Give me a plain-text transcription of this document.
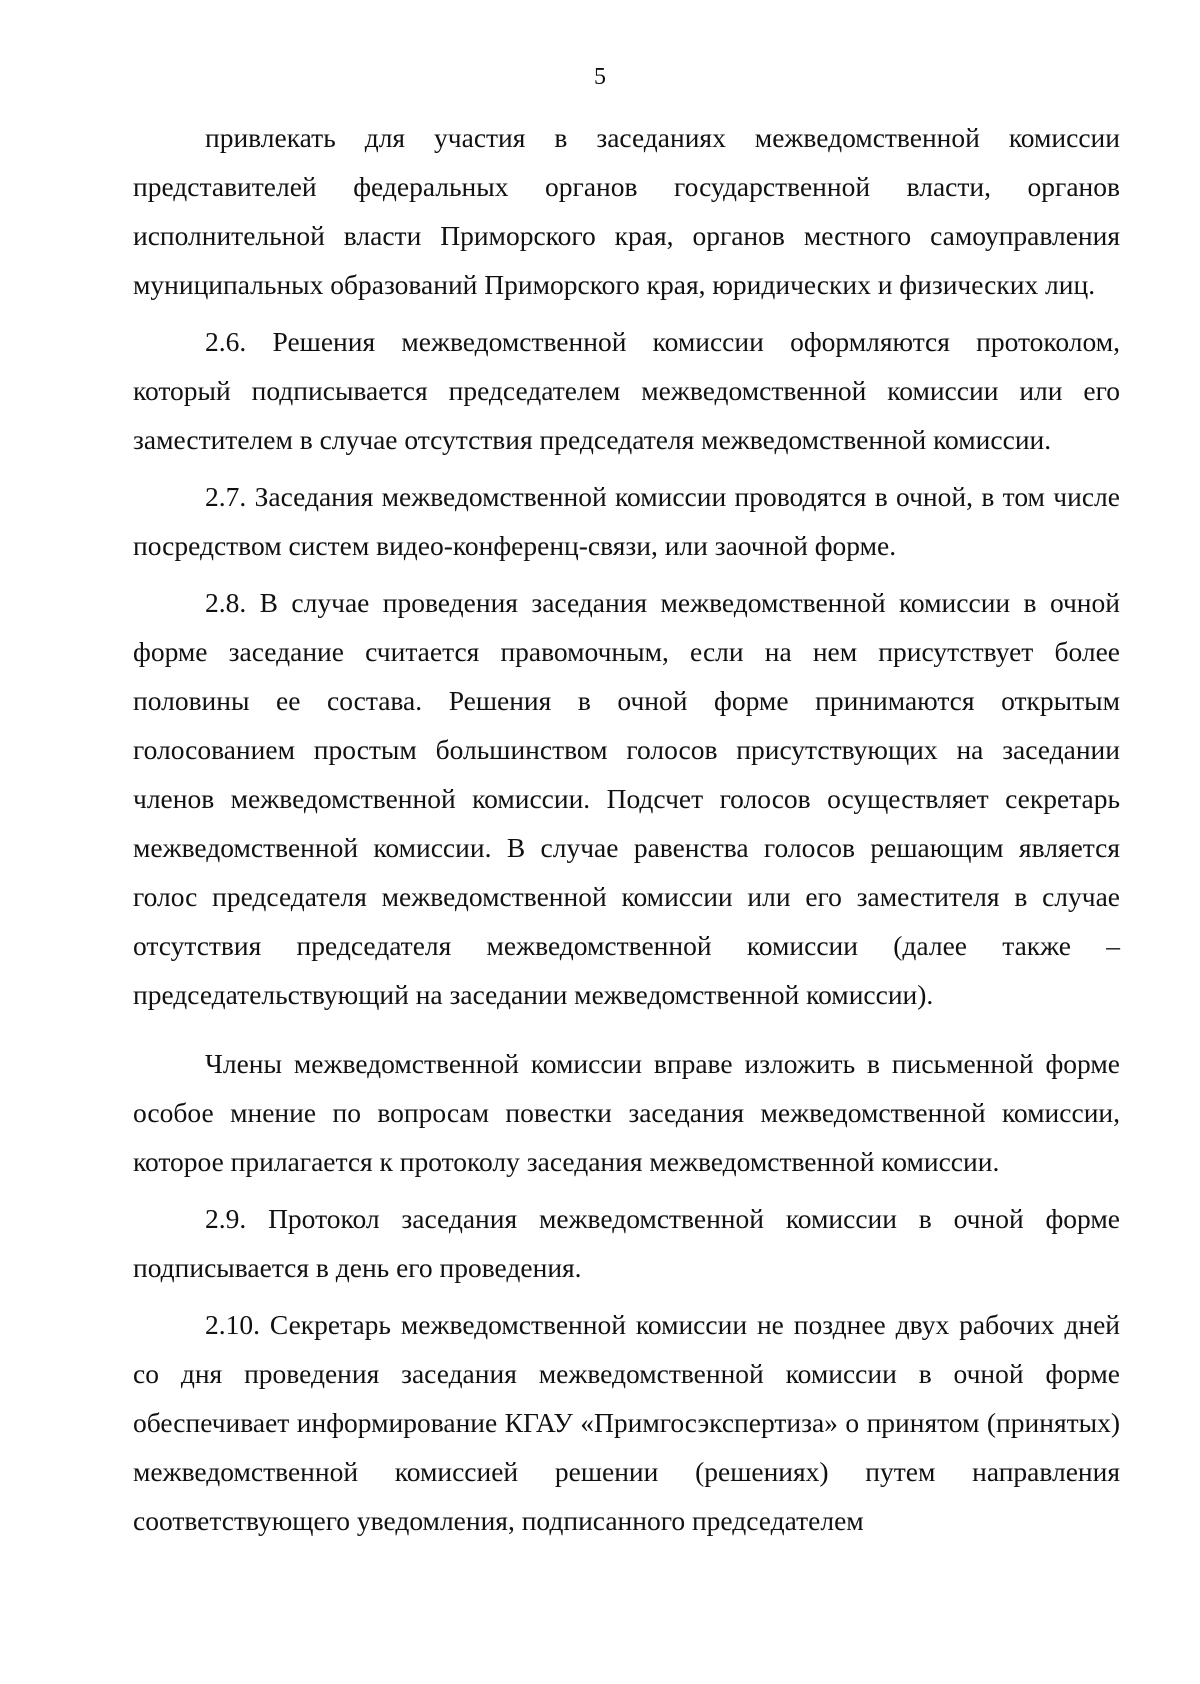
5

привлекать для участия в заседаниях межведомственной комиссии представителей федеральных органов государственной власти, органов исполнительной власти Приморского края, органов местного самоуправления муниципальных образований Приморского края, юридических и физических лиц.

2.6. Решения межведомственной комиссии оформляются протоколом, который подписывается председателем межведомственной комиссии или его заместителем в случае отсутствия председателя межведомственной комиссии.

2.7. Заседания межведомственной комиссии проводятся в очной, в том числе посредством систем видео-конференц-связи, или заочной форме.

2.8. В случае проведения заседания межведомственной комиссии в очной форме заседание считается правомочным, если на нем присутствует более половины ее состава. Решения в очной форме принимаются открытым голосованием простым большинством голосов присутствующих на заседании членов межведомственной комиссии. Подсчет голосов осуществляет секретарь межведомственной комиссии. В случае равенства голосов решающим является голос председателя межведомственной комиссии или его заместителя в случае отсутствия председателя межведомственной комиссии (далее также – председательствующий на заседании межведомственной комиссии).

Члены межведомственной комиссии вправе изложить в письменной форме особое мнение по вопросам повестки заседания межведомственной комиссии, которое прилагается к протоколу заседания межведомственной комиссии.

2.9. Протокол заседания межведомственной комиссии в очной форме подписывается в день его проведения.

2.10. Секретарь межведомственной комиссии не позднее двух рабочих дней со дня проведения заседания межведомственной комиссии в очной форме обеспечивает информирование КГАУ «Примгосэкспертиза» о принятом (принятых) межведомственной комиссией решении (решениях) путем направления соответствующего уведомления, подписанного председателем
